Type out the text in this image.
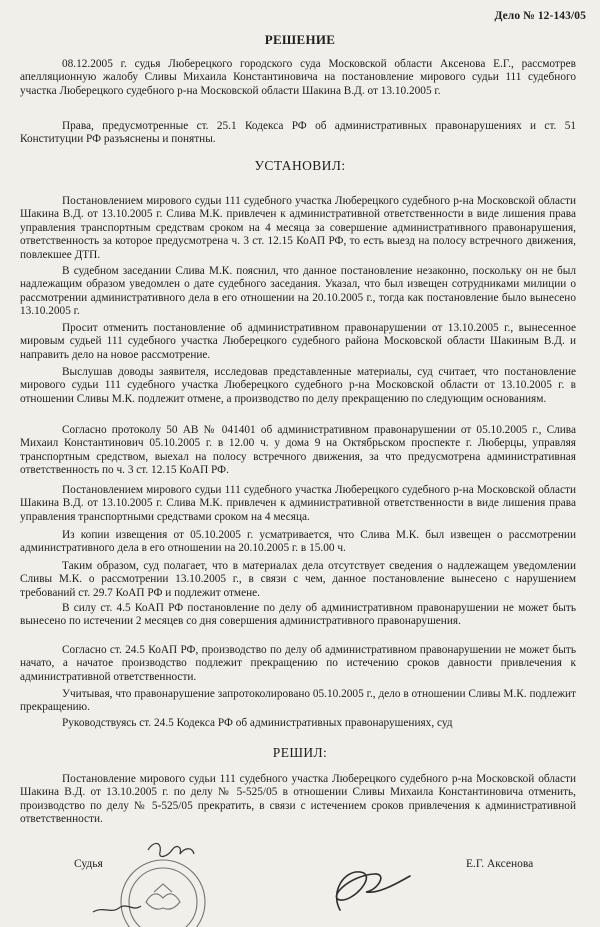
Дело № 12-143/05
РЕШЕНИЕ

08.12.2005 г. судья Люберецкого городского суда Московской области Аксенова Е.Г., рассмотрев апелляционную жалобу Сливы Михаила Константиновича на постановление мирового судьи 111 судебного участка Люберецкого судебного р-на Московской области Шакина В.Д. от 13.10.2005 г.

Права, предусмотренные ст. 25.1 Кодекса РФ об административных правонарушениях и ст. 51 Конституции РФ разъяснены и понятны.

УСТАНОВИЛ:

Постановлением мирового судьи 111 судебного участка Люберецкого судебного р-на Московской области Шакина В.Д. от 13.10.2005 г. Слива М.К. привлечен к административной ответственности в виде лишения права управления транспортным средствам сроком на 4 месяца за совершение административного правонарушения, ответственность за которое предусмотрена ч. 3 ст. 12.15 КоАП РФ, то есть выезд на полосу встречного движения, повлекшее ДТП.

В судебном заседании Слива М.К. пояснил, что данное постановление незаконно, поскольку он не был надлежащим образом уведомлен о дате судебного заседания. Указал, что был извещен сотрудниками милиции о рассмотрении административного дела в его отношении на 20.10.2005 г., тогда как постановление было вынесено 13.10.2005 г.

Просит отменить постановление об административном правонарушении от 13.10.2005 г., вынесенное мировым судьей 111 судебного участка Люберецкого судебного района Московской области Шакиным В.Д. и направить дело на новое рассмотрение.

Выслушав доводы заявителя, исследовав представленные материалы, суд считает, что постановление мирового судьи 111 судебного участка Люберецкого судебного р-на Московской области от 13.10.2005 г. в отношении Сливы М.К. подлежит отмене, а производство по делу прекращению по следующим основаниям.

Согласно протоколу 50 АВ № 041401 об административном правонарушении от 05.10.2005 г., Слива Михаил Константинович 05.10.2005 г. в 12.00 ч. у дома 9 на Октябрьском проспекте г. Люберцы, управляя транспортным средством, выехал на полосу встречного движения, за что предусмотрена административная ответственность по ч. 3 ст. 12.15 КоАП РФ.

Постановлением мирового судьи 111 судебного участка Люберецкого судебного р-на Московской области Шакина В.Д. от 13.10.2005 г. Слива М.К. привлечен к административной ответственности в виде лишения права управления транспортными средствами сроком на 4 месяца.

Из копии извещения от 05.10.2005 г. усматривается, что Слива М.К. был извещен о рассмотрении административного дела в его отношении на 20.10.2005 г. в 15.00 ч.

Таким образом, суд полагает, что в материалах дела отсутствует сведения о надлежащем уведомлении Сливы М.К. о рассмотрении 13.10.2005 г., в связи с чем, данное постановление вынесено с нарушением требований ст. 29.7 КоАП РФ и подлежит отмене.

В силу ст. 4.5 КоАП РФ постановление по делу об административном правонарушении не может быть вынесено по истечении 2 месяцев со дня совершения административного правонарушения.

Согласно ст. 24.5 КоАП РФ, производство по делу об административном правонарушении не может быть начато, а начатое производство подлежит прекращению по истечению сроков давности привлечения к административной ответственности.

Учитывая, что правонарушение запротоколировано 05.10.2005 г., дело в отношении Сливы М.К. подлежит прекращению.

Руководствуясь ст. 24.5 Кодекса РФ об административных правонарушениях, суд

РЕШИЛ:

Постановление мирового судьи 111 судебного участка Люберецкого судебного р-на Московской области Шакина В.Д. от 13.10.2005 г. по делу № 5-525/05 в отношении Сливы Михаила Константиновича отменить, производство по делу № 5-525/05 прекратить, в связи с истечением сроков привлечения к административной ответственности.

Судья	Е.Г. Аксенова
